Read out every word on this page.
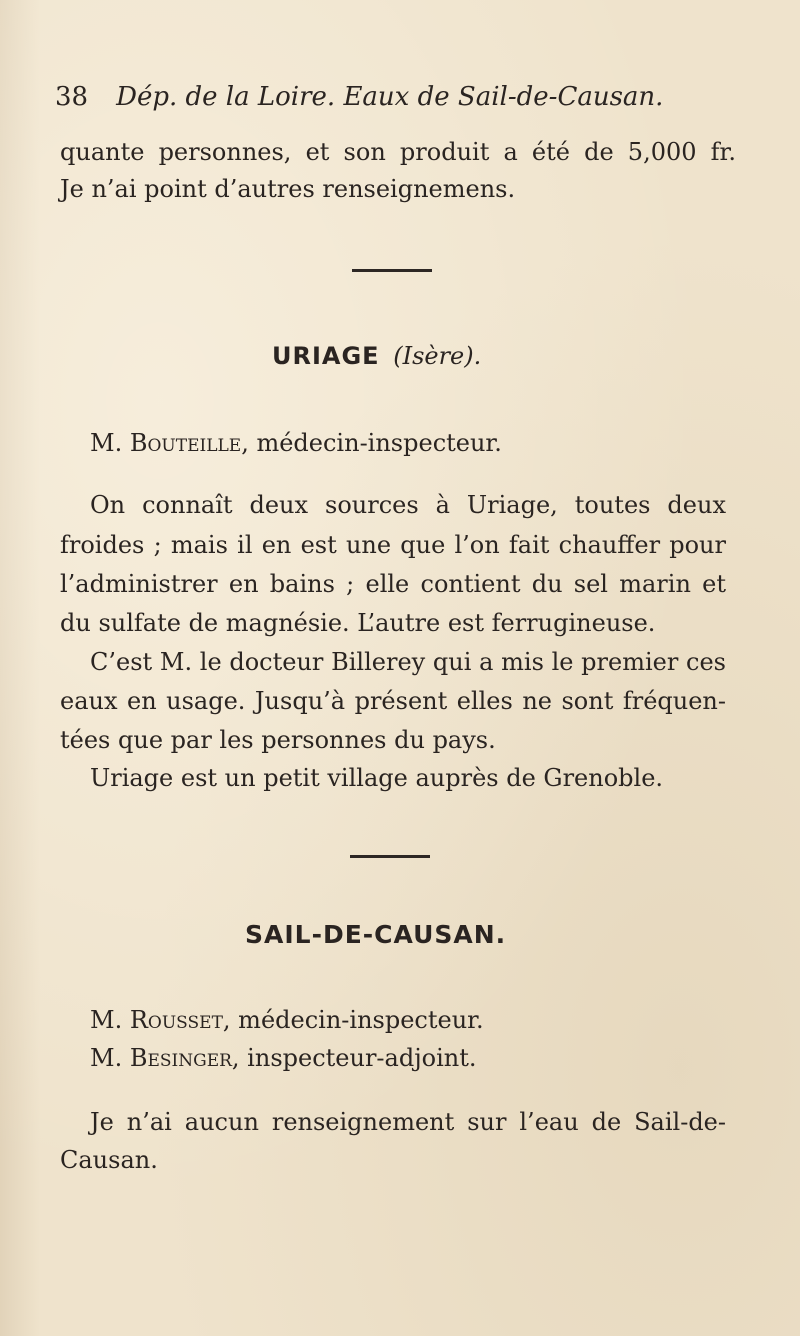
38 Dép. de la Loire. Eaux de Sail-de-Causan.
quante personnes, et son produit a été de 5,000 fr.
Je n’ai point d’autres renseignemens.
URIAGE (Isère).
M. Bouteille, médecin-inspecteur.
On connaît deux sources à Uriage, toutes deux
froides ; mais il en est une que l’on fait chauffer pour
l’administrer en bains ; elle contient du sel marin et
du sulfate de magnésie. L’autre est ferrugineuse.
C’est M. le docteur Billerey qui a mis le premier ces
eaux en usage. Jusqu’à présent elles ne sont fréquen-
tées que par les personnes du pays.
Uriage est un petit village auprès de Grenoble.
SAIL-DE-CAUSAN.
M. Rousset, médecin-inspecteur.
M. Besinger, inspecteur-adjoint.
Je n’ai aucun renseignement sur l’eau de Sail-de-
Causan.
